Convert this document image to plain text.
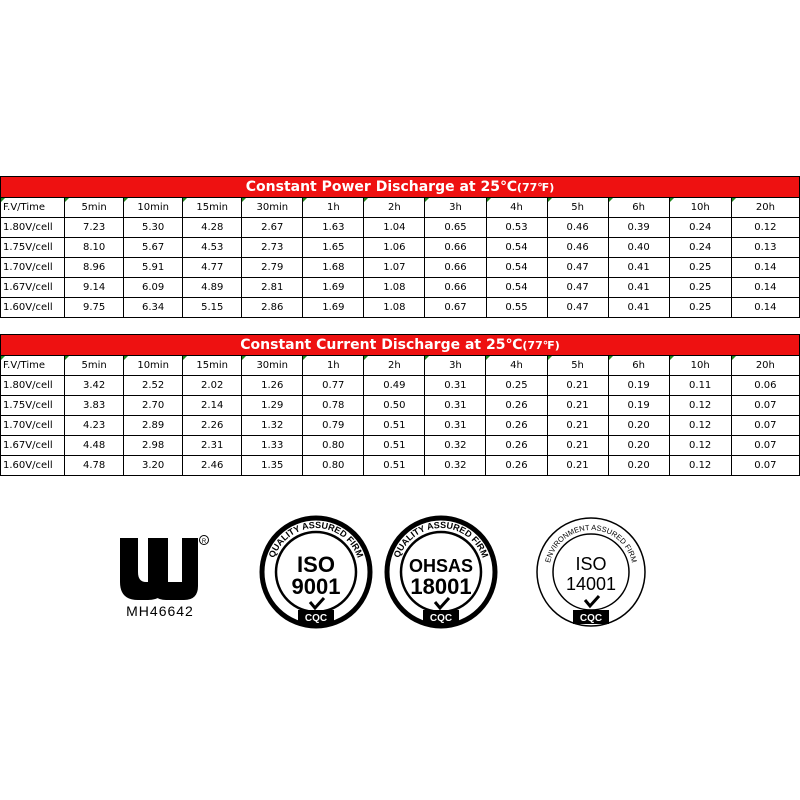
Constant Power Discharge at 25℃(77℉)												
F.V/Time	5min	10min	15min	30min	1h	2h	3h	4h	5h	6h	10h	20h
1.80V/cell	7.23	5.30	4.28	2.67	1.63	1.04	0.65	0.53	0.46	0.39	0.24	0.12
1.75V/cell	8.10	5.67	4.53	2.73	1.65	1.06	0.66	0.54	0.46	0.40	0.24	0.13
1.70V/cell	8.96	5.91	4.77	2.79	1.68	1.07	0.66	0.54	0.47	0.41	0.25	0.14
1.67V/cell	9.14	6.09	4.89	2.81	1.69	1.08	0.66	0.54	0.47	0.41	0.25	0.14
1.60V/cell	9.75	6.34	5.15	2.86	1.69	1.08	0.67	0.55	0.47	0.41	0.25	0.14
Constant Current Discharge at 25℃(77℉)												
F.V/Time	5min	10min	15min	30min	1h	2h	3h	4h	5h	6h	10h	20h
1.80V/cell	3.42	2.52	2.02	1.26	0.77	0.49	0.31	0.25	0.21	0.19	0.11	0.06
1.75V/cell	3.83	2.70	2.14	1.29	0.78	0.50	0.31	0.26	0.21	0.19	0.12	0.07
1.70V/cell	4.23	2.89	2.26	1.32	0.79	0.51	0.31	0.26	0.21	0.20	0.12	0.07
1.67V/cell	4.48	2.98	2.31	1.33	0.80	0.51	0.32	0.26	0.21	0.20	0.12	0.07
1.60V/cell	4.78	3.20	2.46	1.35	0.80	0.51	0.32	0.26	0.21	0.20	0.12	0.07
R
MH46642
QUALITY ASSURED FIRM
ISO
9001
CQC
QUALITY ASSURED FIRM
OHSAS
18001
CQC
ENVIRONMENT ASSURED FIRM
ISO
14001
CQC
